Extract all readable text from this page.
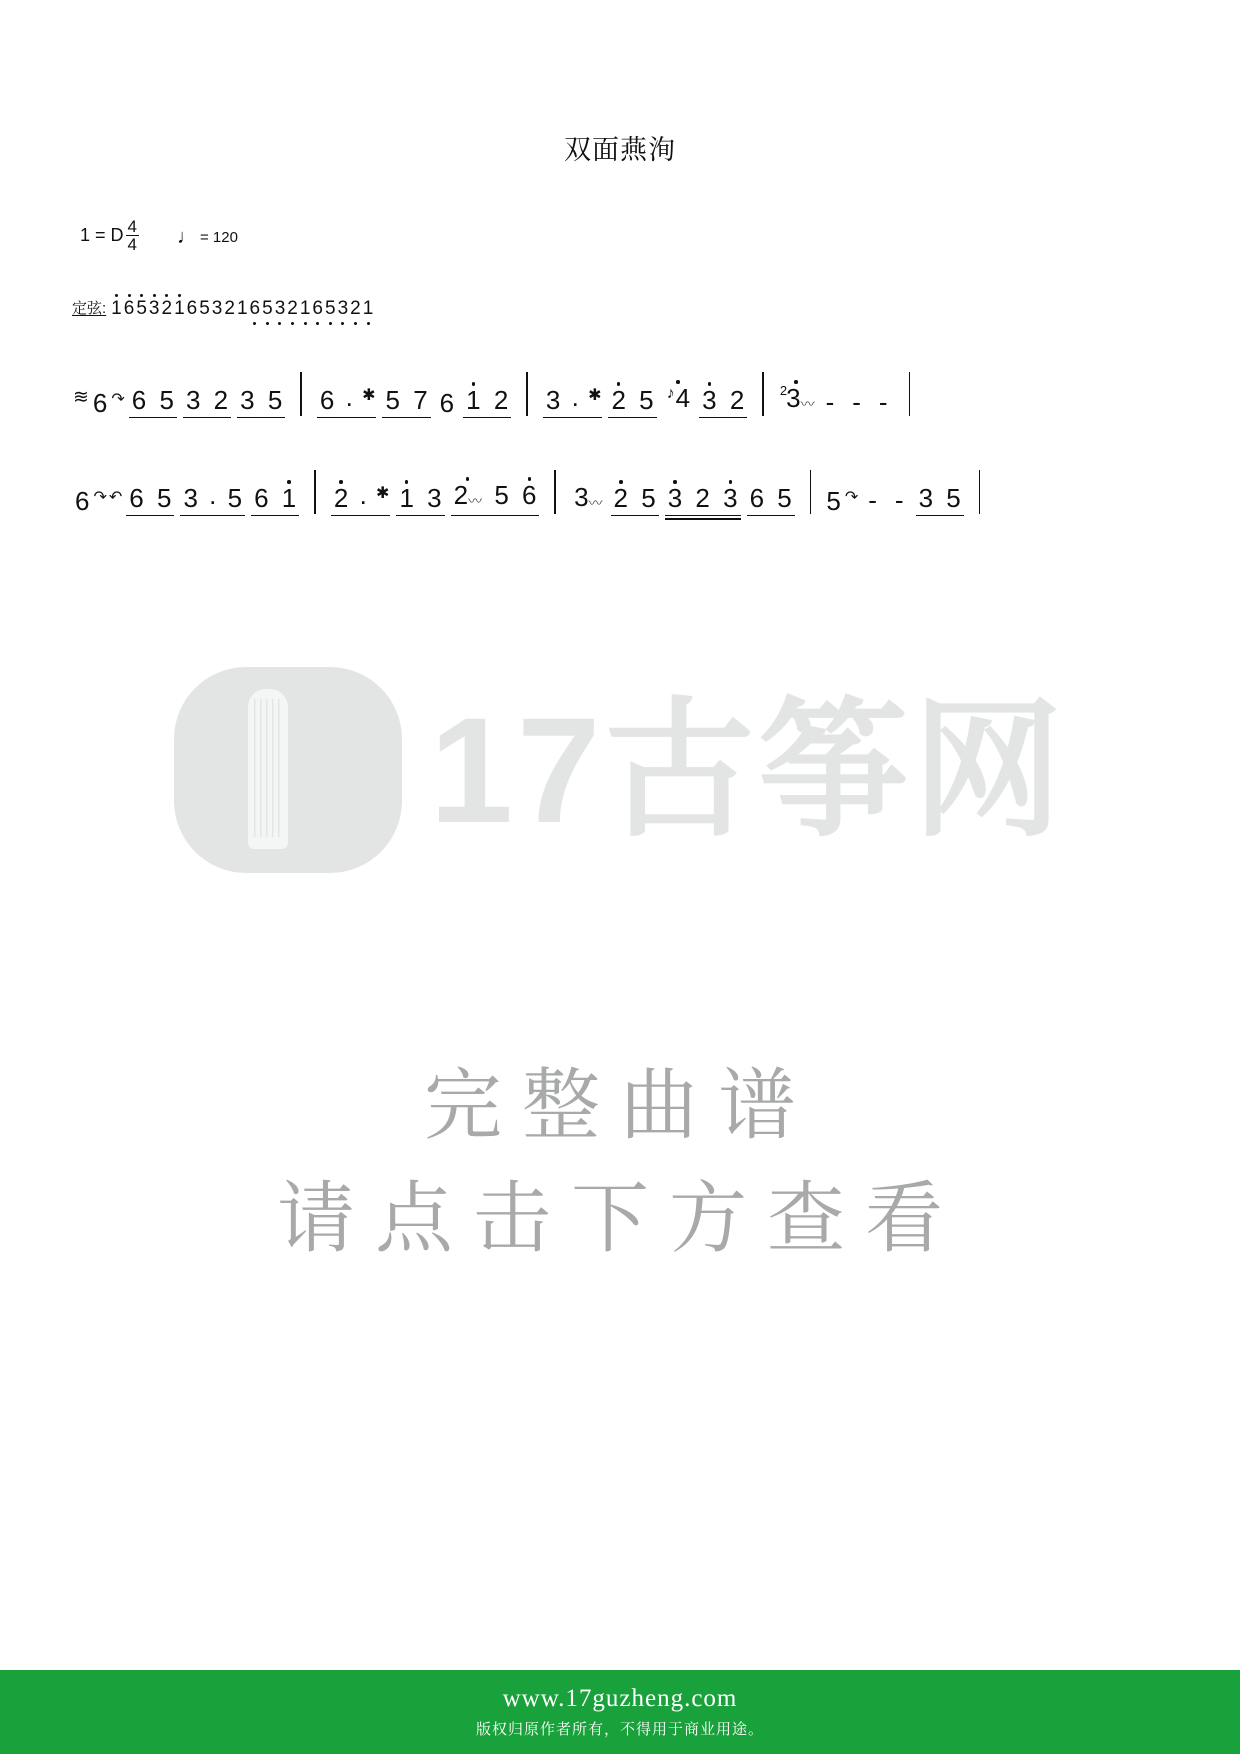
双面燕洵
1 = D $\frac{4}{4}$ ♩ = 120
定弦: 1 6 5 3 2 1 6 5 3 2 1 6 5 3 2 1 6 5 3 2 1
≋ 6 ↷ 6 5 3 2 3 5 6 . ✱ 5 7 6 1 2 3 . ✱ 2 5 ♪4 3 2	2
3〰 - - -
6 ↷ ↶ 6 5 3 . 5 6 1 2 . ✱ 1 3 2〰 5 6 3〰 2 5 3 2 3 6 5 5 ↷ - - 3 5
17古筝网
完整曲谱
请点击下方查看
www.17guzheng.com
版权归原作者所有，不得用于商业用途。
